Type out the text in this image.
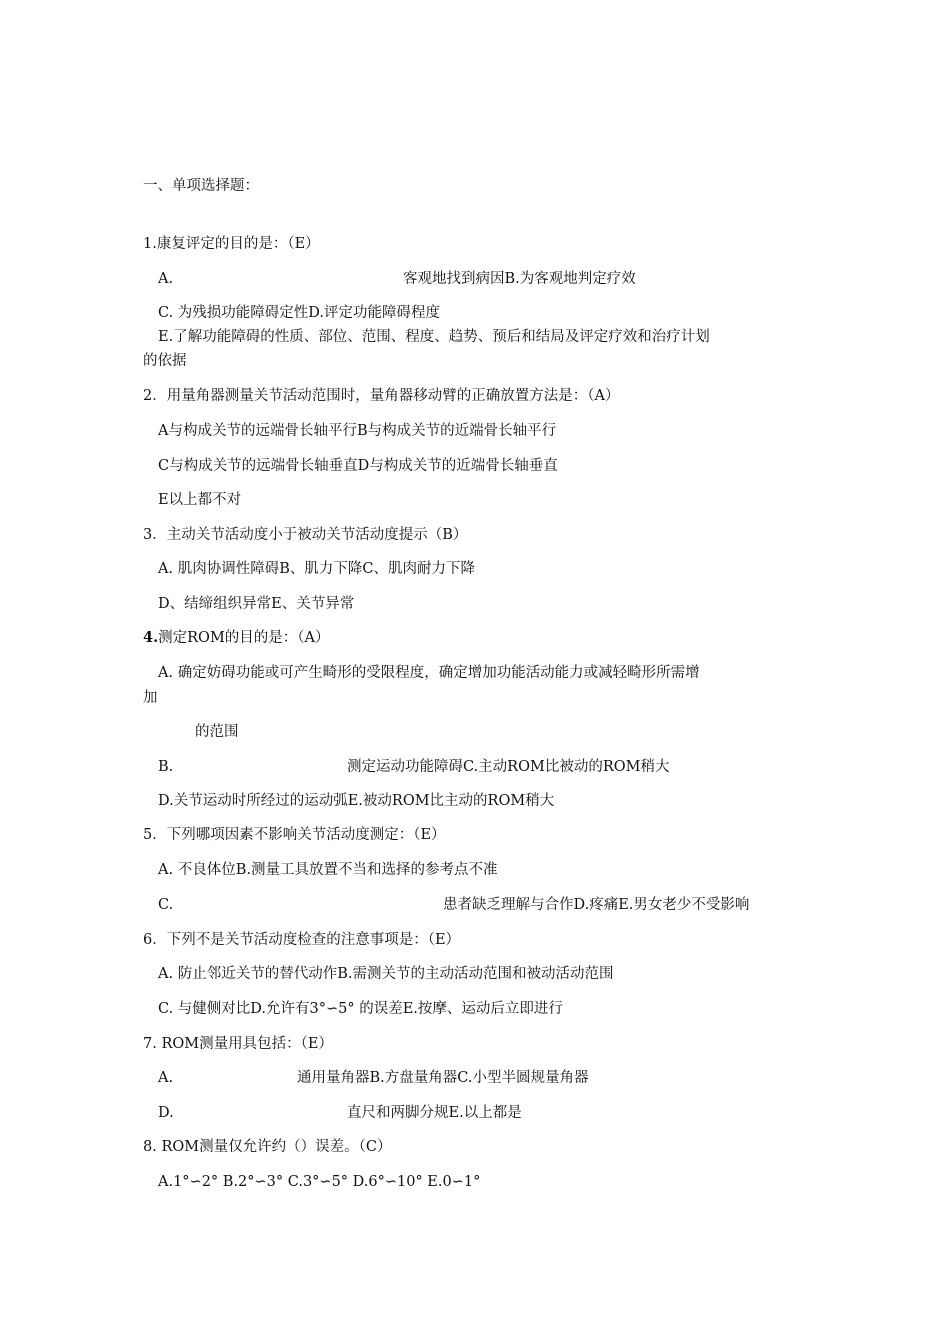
一、单项选择题：
1.康复评定的目的是：（E）
A.	客观地找到病因B.为客观地判定疗效
C. 为残损功能障碍定性D.评定功能障碍程度
E.了解功能障碍的性质、部位、范围、程度、趋势、预后和结局及评定疗效和治疗计划
的依据
2．用量角器测量关节活动范围时，量角器移动臂的正确放置方法是：（A）
A与构成关节的远端骨长轴平行B与构成关节的近端骨长轴平行
C与构成关节的远端骨长轴垂直D与构成关节的近端骨长轴垂直
E以上都不对
3．主动关节活动度小于被动关节活动度提示（B）
A. 肌肉协调性障碍B、肌力下降C、肌肉耐力下降
D、结缔组织异常E、关节异常
4.测定ROM的目的是：（A）
A. 确定妨碍功能或可产生畸形的受限程度，确定增加功能活动能力或减轻畸形所需增
加
的范围
B.	测定运动功能障碍C.主动ROM比被动的ROM稍大
D.关节运动时所经过的运动弧E.被动ROM比主动的ROM稍大
5．下列哪项因素不影响关节活动度测定：（E）
A. 不良体位B.测量工具放置不当和选择的参考点不准
C.	患者缺乏理解与合作D.疼痛E.男女老少不受影响
6．下列不是关节活动度检查的注意事项是：（E）
A. 防止邻近关节的替代动作B.需测关节的主动活动范围和被动活动范围
C. 与健侧对比D.允许有3°∽5° 的误差E.按摩、运动后立即进行
7. ROM测量用具包括：（E）
A.	通用量角器B.方盘量角器C.小型半圆规量角器
D.	直尺和两脚分规E.以上都是
8. ROM测量仅允许约（）误差。（C）
A.1°∽2° B.2°∽3° C.3°∽5° D.6°∽10° E.0∽1°
